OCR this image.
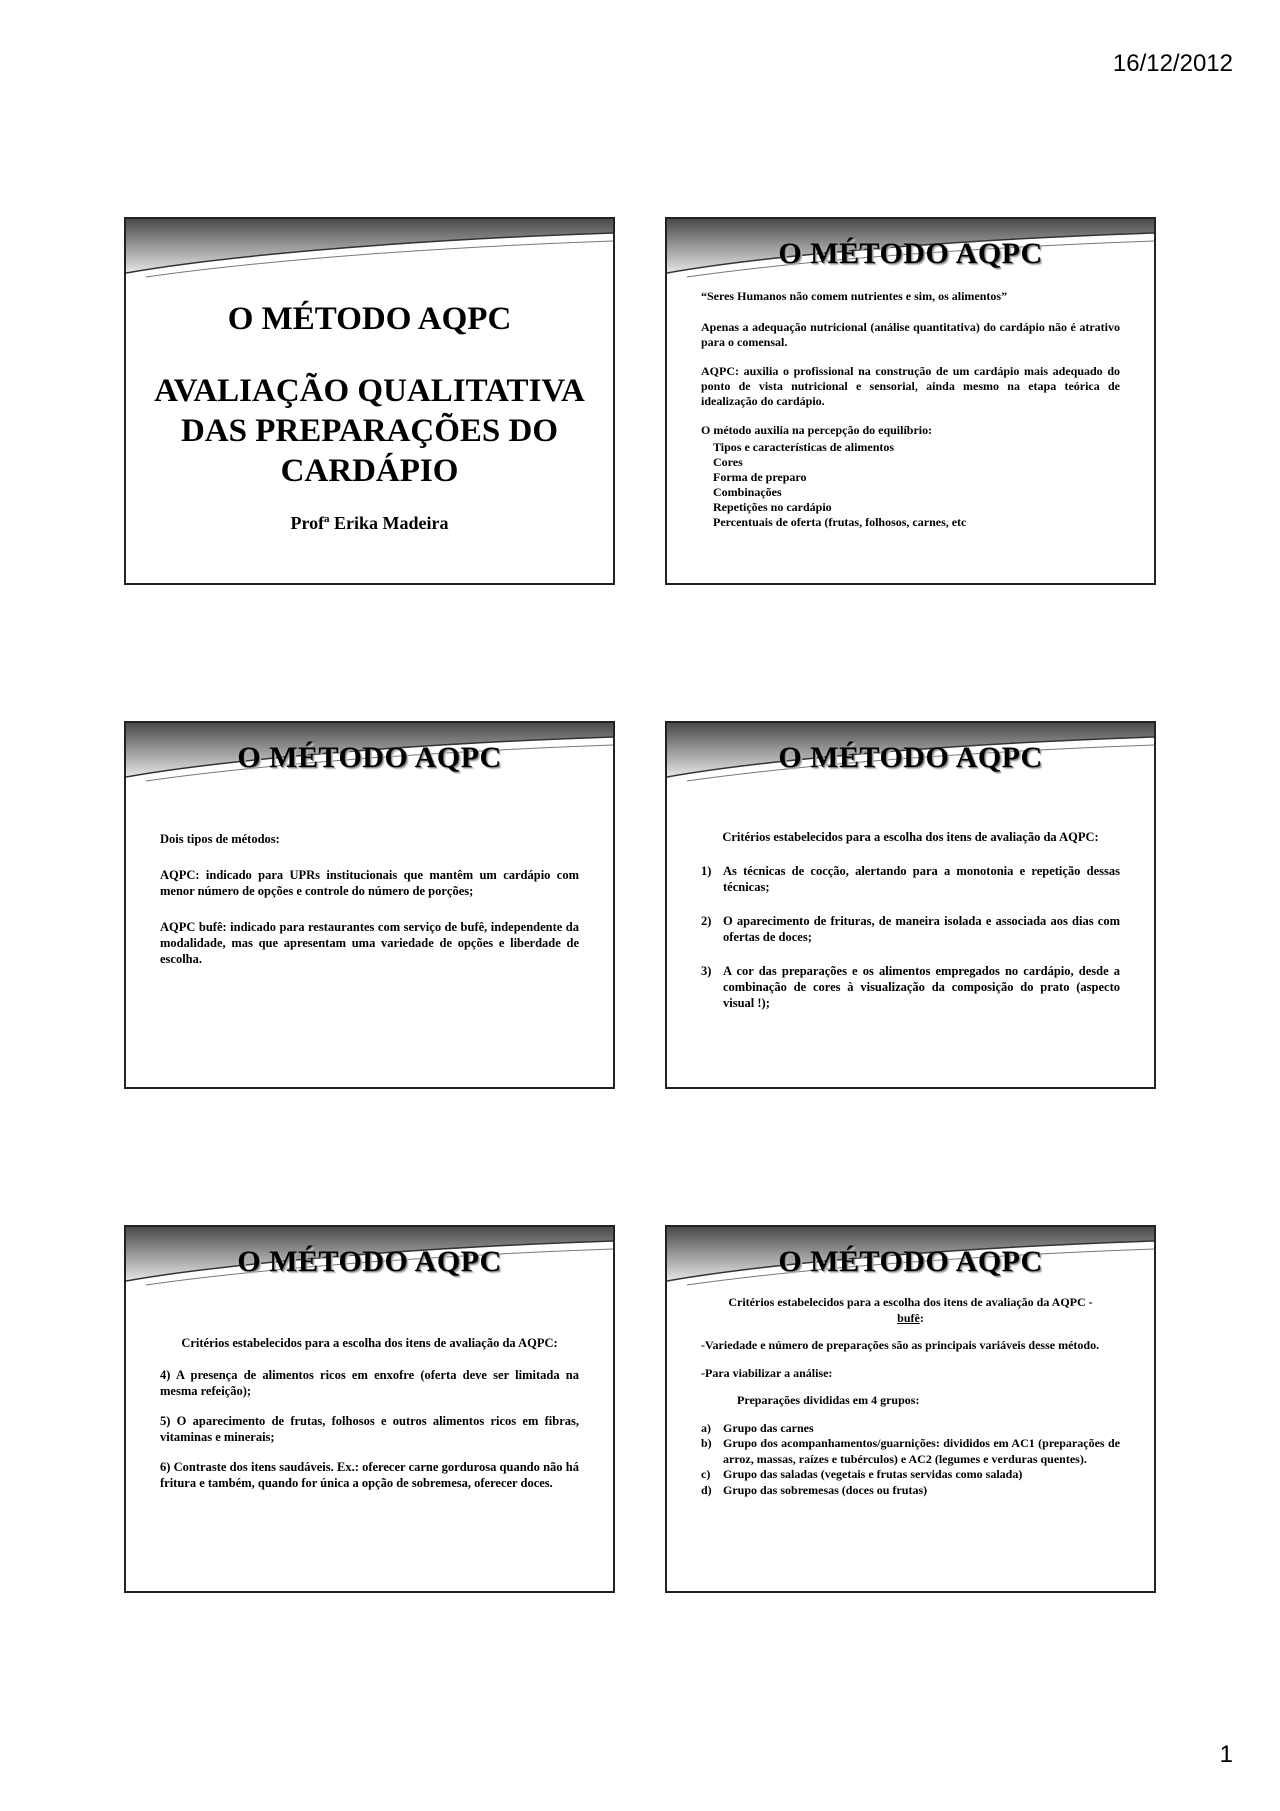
16/12/2012
O MÉTODO AQPC
AVALIAÇÃO QUALITATIVA DAS PREPARAÇÕES DO CARDÁPIO
Profª Erika Madeira
O MÉTODO AQPC

“Seres Humanos não comem nutrientes e sim, os alimentos”

Apenas a adequação nutricional (análise quantitativa) do cardápio não é atrativo para o comensal.

AQPC: auxilia o profissional na construção de um cardápio mais adequado do ponto de vista nutricional e sensorial, ainda mesmo na etapa teórica de idealização do cardápio.

O método auxilia na percepção do equilíbrio:

Tipos e características de alimentos
Cores
Forma de preparo
Combinações
Repetições no cardápio
Percentuais de oferta (frutas, folhosos, carnes, etc
O MÉTODO AQPC

Dois tipos de métodos:

AQPC: indicado para UPRs institucionais que mantêm um cardápio com menor número de opções e controle do número de porções;

AQPC bufê: indicado para restaurantes com serviço de bufê, independente da modalidade, mas que apresentam uma variedade de opções e liberdade de escolha.

O MÉTODO AQPC

Critérios estabelecidos para a escolha dos itens de avaliação da AQPC:

1) As técnicas de cocção, alertando para a monotonia e repetição dessas técnicas;
2) O aparecimento de frituras, de maneira isolada e associada aos dias com ofertas de doces;
3) A cor das preparações e os alimentos empregados no cardápio, desde a combinação de cores à visualização da composição do prato (aspecto visual !);
O MÉTODO AQPC

Critérios estabelecidos para a escolha dos itens de avaliação da AQPC:

4) A presença de alimentos ricos em enxofre (oferta deve ser limitada na mesma refeição);

5) O aparecimento de frutas, folhosos e outros alimentos ricos em fibras, vitaminas e minerais;

6) Contraste dos itens saudáveis. Ex.: oferecer carne gordurosa quando não há fritura e também, quando for única a opção de sobremesa, oferecer doces.

O MÉTODO AQPC

Critérios estabelecidos para a escolha dos itens de avaliação da AQPC - bufê:

-Variedade e número de preparações são as principais variáveis desse método.

-Para viabilizar a análise:

Preparações divididas em 4 grupos:

a)	Grupo das carnes
b) Grupo dos acompanhamentos/guarnições: divididos em AC1 (preparações de arroz, massas, raízes e tubérculos) e AC2 (legumes e verduras quentes).
c)	Grupo das saladas (vegetais e frutas servidas como salada)
d) Grupo das sobremesas (doces ou frutas)
1
